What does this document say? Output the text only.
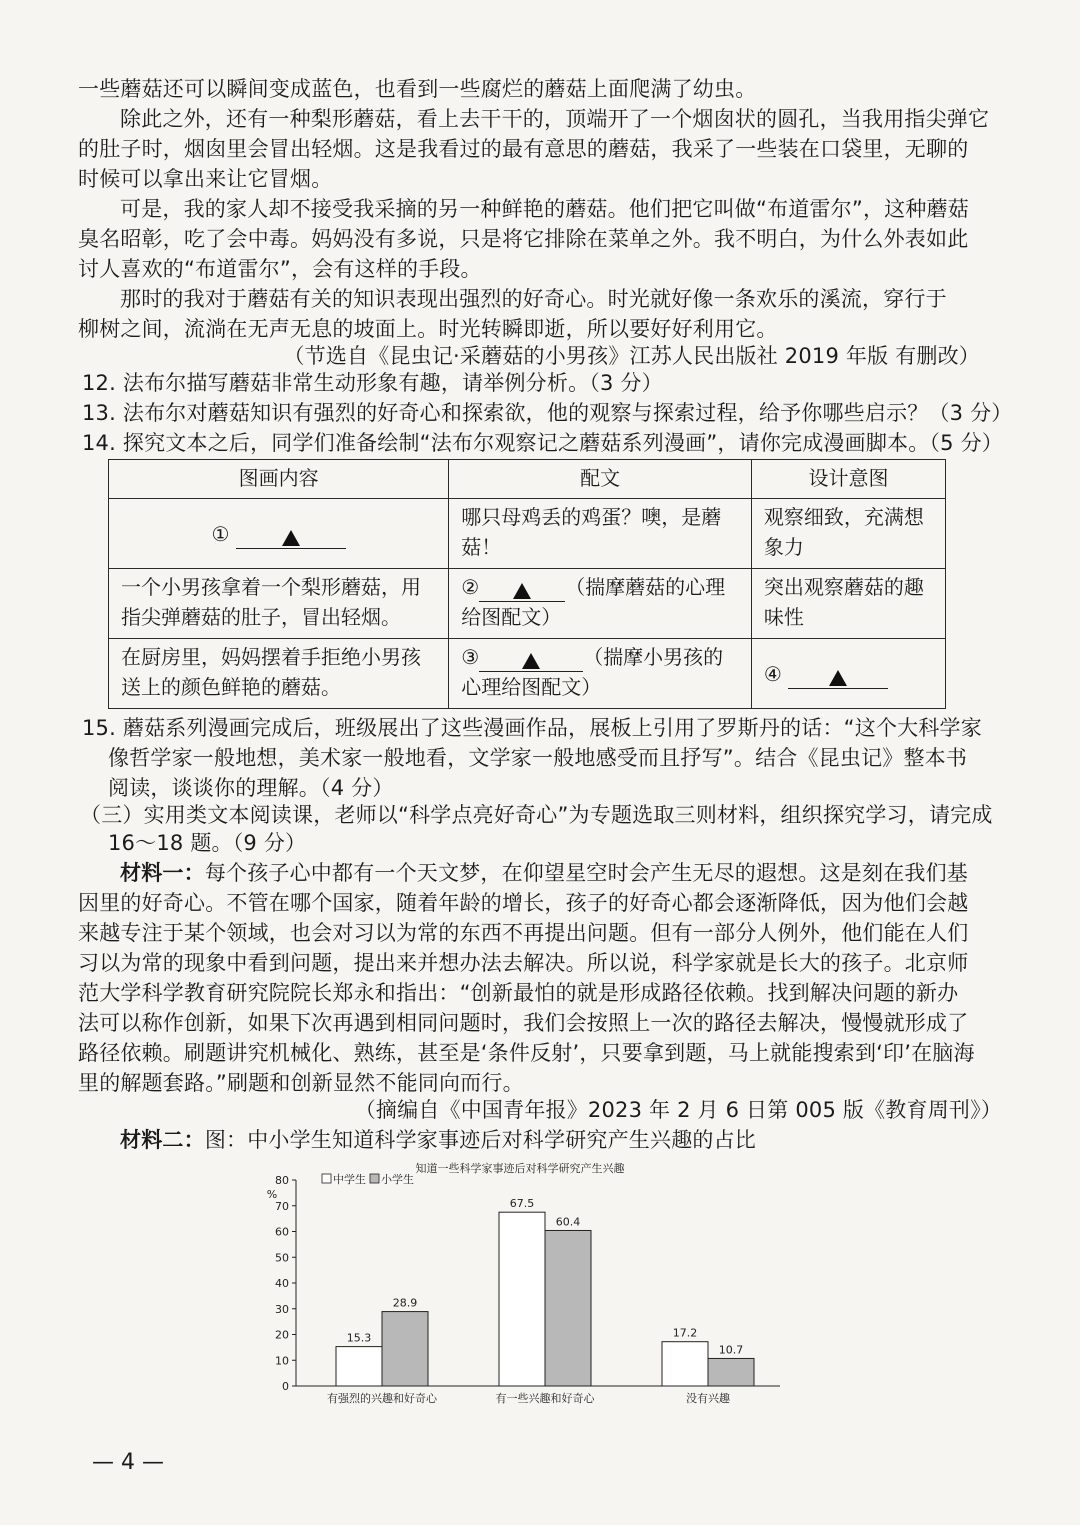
一些蘑菇还可以瞬间变成蓝色，也看到一些腐烂的蘑菇上面爬满了幼虫。
除此之外，还有一种梨形蘑菇，看上去干干的，顶端开了一个烟囱状的圆孔，当我用指尖弹它
的肚子时，烟囱里会冒出轻烟。这是我看过的最有意思的蘑菇，我采了一些装在口袋里，无聊的
时候可以拿出来让它冒烟。
可是，我的家人却不接受我采摘的另一种鲜艳的蘑菇。他们把它叫做“布道雷尔”，这种蘑菇
臭名昭彰，吃了会中毒。妈妈没有多说，只是将它排除在菜单之外。我不明白，为什么外表如此
讨人喜欢的“布道雷尔”，会有这样的手段。
那时的我对于蘑菇有关的知识表现出强烈的好奇心。时光就好像一条欢乐的溪流，穿行于
柳树之间，流淌在无声无息的坡面上。时光转瞬即逝，所以要好好利用它。
（节选自《昆虫记·采蘑菇的小男孩》江苏人民出版社 2019 年版 有删改）
12. 法布尔描写蘑菇非常生动形象有趣，请举例分析。（3 分）
13. 法布尔对蘑菇知识有强烈的好奇心和探索欲，他的观察与探索过程，给予你哪些启示？（3 分）
14. 探究文本之后，同学们准备绘制“法布尔观察记之蘑菇系列漫画”，请你完成漫画脚本。（5 分）
图画内容	配文	设计意图
①	哪只母鸡丢的鸡蛋？噢，是蘑菇！	观察细致，充满想象力
一个小男孩拿着一个梨形蘑菇，用指尖弹蘑菇的肚子，冒出轻烟。	② （揣摩蘑菇的心理给图配文）	突出观察蘑菇的趣味性
在厨房里，妈妈摆着手拒绝小男孩送上的颜色鲜艳的蘑菇。	③ （揣摩小男孩的心理给图配文）	④
15. 蘑菇系列漫画完成后，班级展出了这些漫画作品，展板上引用了罗斯丹的话：“这个大科学家
像哲学家一般地想，美术家一般地看，文学家一般地感受而且抒写”。结合《昆虫记》整本书
阅读，谈谈你的理解。（4 分）
（三）实用类文本阅读课，老师以“科学点亮好奇心”为专题选取三则材料，组织探究学习，请完成
16～18 题。（9 分）
材料一：每个孩子心中都有一个天文梦，在仰望星空时会产生无尽的遐想。这是刻在我们基
因里的好奇心。不管在哪个国家，随着年龄的增长，孩子的好奇心都会逐渐降低，因为他们会越
来越专注于某个领域，也会对习以为常的东西不再提出问题。但有一部分人例外，他们能在人们
习以为常的现象中看到问题，提出来并想办法去解决。所以说，科学家就是长大的孩子。北京师
范大学科学教育研究院院长郑永和指出：“创新最怕的就是形成路径依赖。找到解决问题的新办
法可以称作创新，如果下次再遇到相同问题时，我们会按照上一次的路径去解决，慢慢就形成了
路径依赖。刷题讲究机械化、熟练，甚至是‘条件反射’，只要拿到题，马上就能搜索到‘印’在脑海
里的解题套路。”刷题和创新显然不能同向而行。
（摘编自《中国青年报》2023 年 2 月 6 日第 005 版《教育周刊》）
材料二：图：中小学生知道科学家事迹后对科学研究产生兴趣的占比
知道一些科学家事迹后对科学研究产生兴趣
%
0
10
20
30
40
50
60
70
80	中学生 小学生
15.3
28.9
有强烈的兴趣和好奇心
67.5
60.4
有一些兴趣和好奇心
17.2
10.7
没有兴趣
— 4 —
